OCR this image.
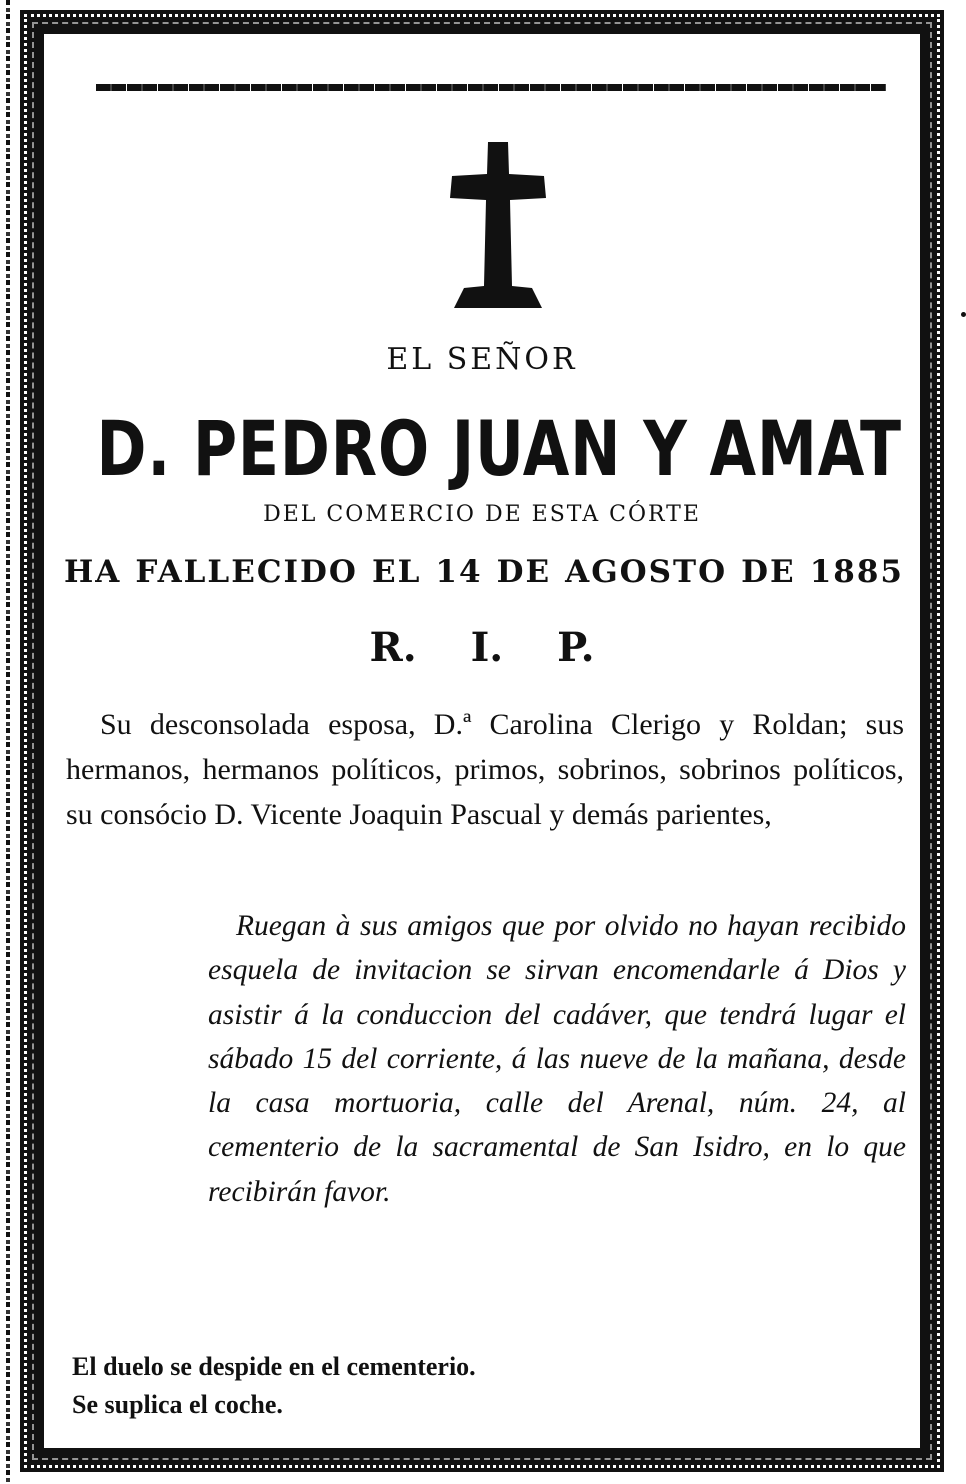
EL SEÑOR
D. PEDRO JUAN Y AMAT
DEL COMERCIO DE ESTA CÓRTE
HA FALLECIDO EL 14 DE AGOSTO DE 1885
R. I. P.

Su desconsolada esposa, D.ª Carolina Clerigo y Roldan; sus hermanos, hermanos políticos, primos, sobrinos, sobrinos políticos, su consócio D. Vicente Joaquin Pascual y demás parientes,

Ruegan à sus amigos que por olvido no hayan recibido esquela de invitacion se sirvan encomendarle á Dios y asistir á la conduccion del cadáver, que tendrá lugar el sábado 15 del corriente, á las nueve de la mañana, desde la casa mortuoria, calle del Arenal, núm. 24, al cementerio de la sacramental de San Isidro, en lo que recibirán favor.

El duelo se despide en el cementerio.
Se suplica el coche.
